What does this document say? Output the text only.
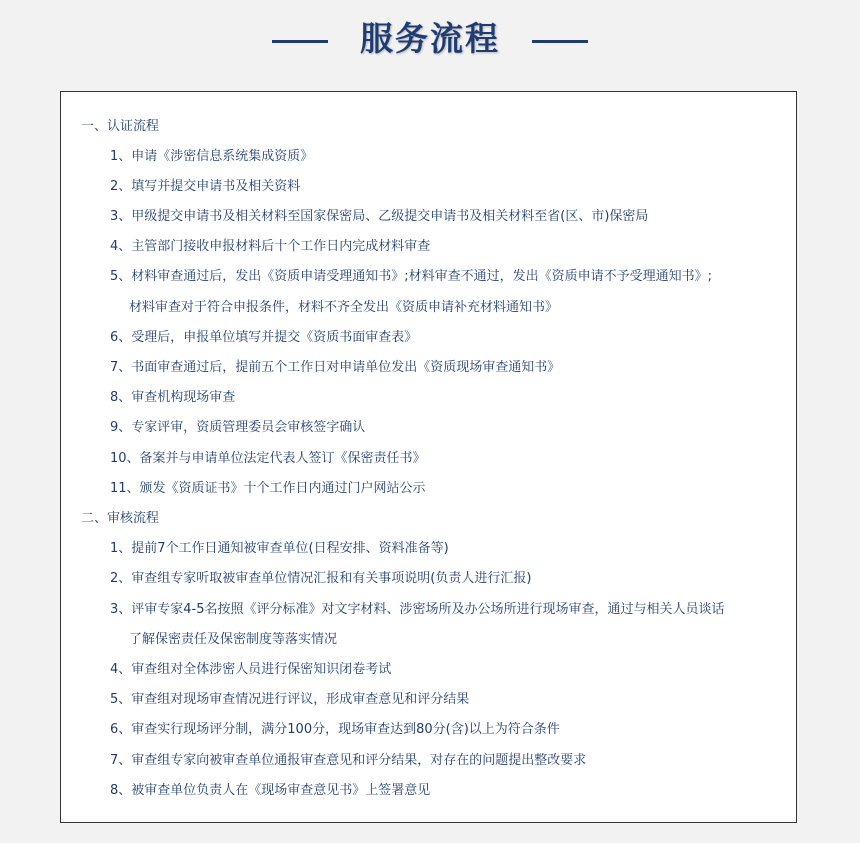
服务流程
一、认证流程
1、申请《涉密信息系统集成资质》
2、填写并提交申请书及相关资料
3、甲级提交申请书及相关材料至国家保密局、乙级提交申请书及相关材料至省(区、市)保密局
4、主管部门接收申报材料后十个工作日内完成材料审查
5、材料审查通过后，发出《资质申请受理通知书》;材料审查不通过，发出《资质申请不予受理通知书》;
材料审查对于符合申报条件，材料不齐全发出《资质申请补充材料通知书》
6、受理后，申报单位填写并提交《资质书面审查表》
7、书面审查通过后，提前五个工作日对申请单位发出《资质现场审查通知书》
8、审查机构现场审查
9、专家评审，资质管理委员会审核签字确认
10、备案并与申请单位法定代表人签订《保密责任书》
11、颁发《资质证书》十个工作日内通过门户网站公示
二、审核流程
1、提前7个工作日通知被审查单位(日程安排、资料准备等)
2、审查组专家听取被审查单位情况汇报和有关事项说明(负责人进行汇报)
3、评审专家4-5名按照《评分标准》对文字材料、涉密场所及办公场所进行现场审查，通过与相关人员谈话
了解保密责任及保密制度等落实情况
4、审查组对全体涉密人员进行保密知识闭卷考试
5、审查组对现场审查情况进行评议，形成审查意见和评分结果
6、审查实行现场评分制，满分100分，现场审查达到80分(含)以上为符合条件
7、审查组专家向被审查单位通报审查意见和评分结果，对存在的问题提出整改要求
8、被审查单位负责人在《现场审查意见书》上签署意见
